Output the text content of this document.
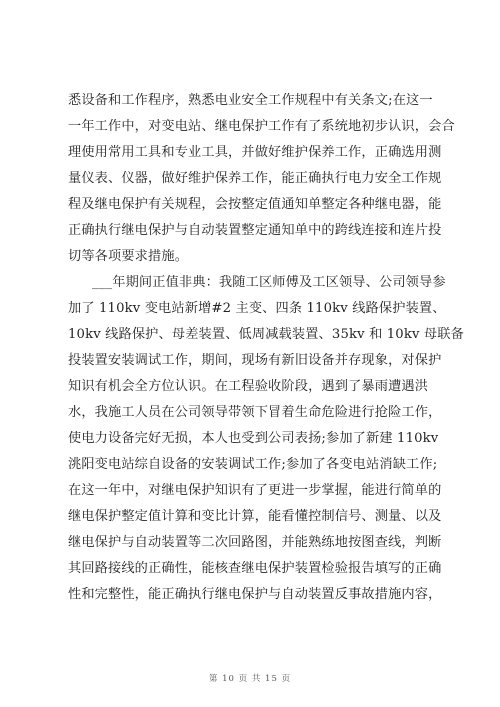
悉设备和工作程序，熟悉电业安全工作规程中有关条文;在这一
一年工作中，对变电站、继电保护工作有了系统地初步认识，会合
理使用常用工具和专业工具，并做好维护保养工作，正确选用测
量仪表、仪器，做好维护保养工作，能正确执行电力安全工作规
程及继电保护有关规程，会按整定值通知单整定各种继电器，能
正确执行继电保护与自动装置整定通知单中的跨线连接和连片投
切等各项要求措施。
___年期间正值非典：我随工区师傅及工区领导、公司领导参
加了 110kv 变电站新增#2 主变、四条 110kv 线路保护装置、
10kv 线路保护、母差装置、低周减载装置、35kv 和 10kv 母联备
投装置安装调试工作，期间，现场有新旧设备并存现象，对保护
知识有机会全方位认识。在工程验收阶段，遇到了暴雨遭遇洪
水，我施工人员在公司领导带领下冒着生命危险进行抢险工作，
使电力设备完好无损，本人也受到公司表扬;参加了新建 110kv
洮阳变电站综自设备的安装调试工作;参加了各变电站消缺工作;
在这一年中，对继电保护知识有了更进一步掌握，能进行简单的
继电保护整定值计算和变比计算，能看懂控制信号、测量、以及
继电保护与自动装置等二次回路图，并能熟练地按图查线，判断
其回路接线的正确性，能核查继电保护装置检验报告填写的正确
性和完整性，能正确执行继电保护与自动装置反事故措施内容，
第 10 页 共 15 页
